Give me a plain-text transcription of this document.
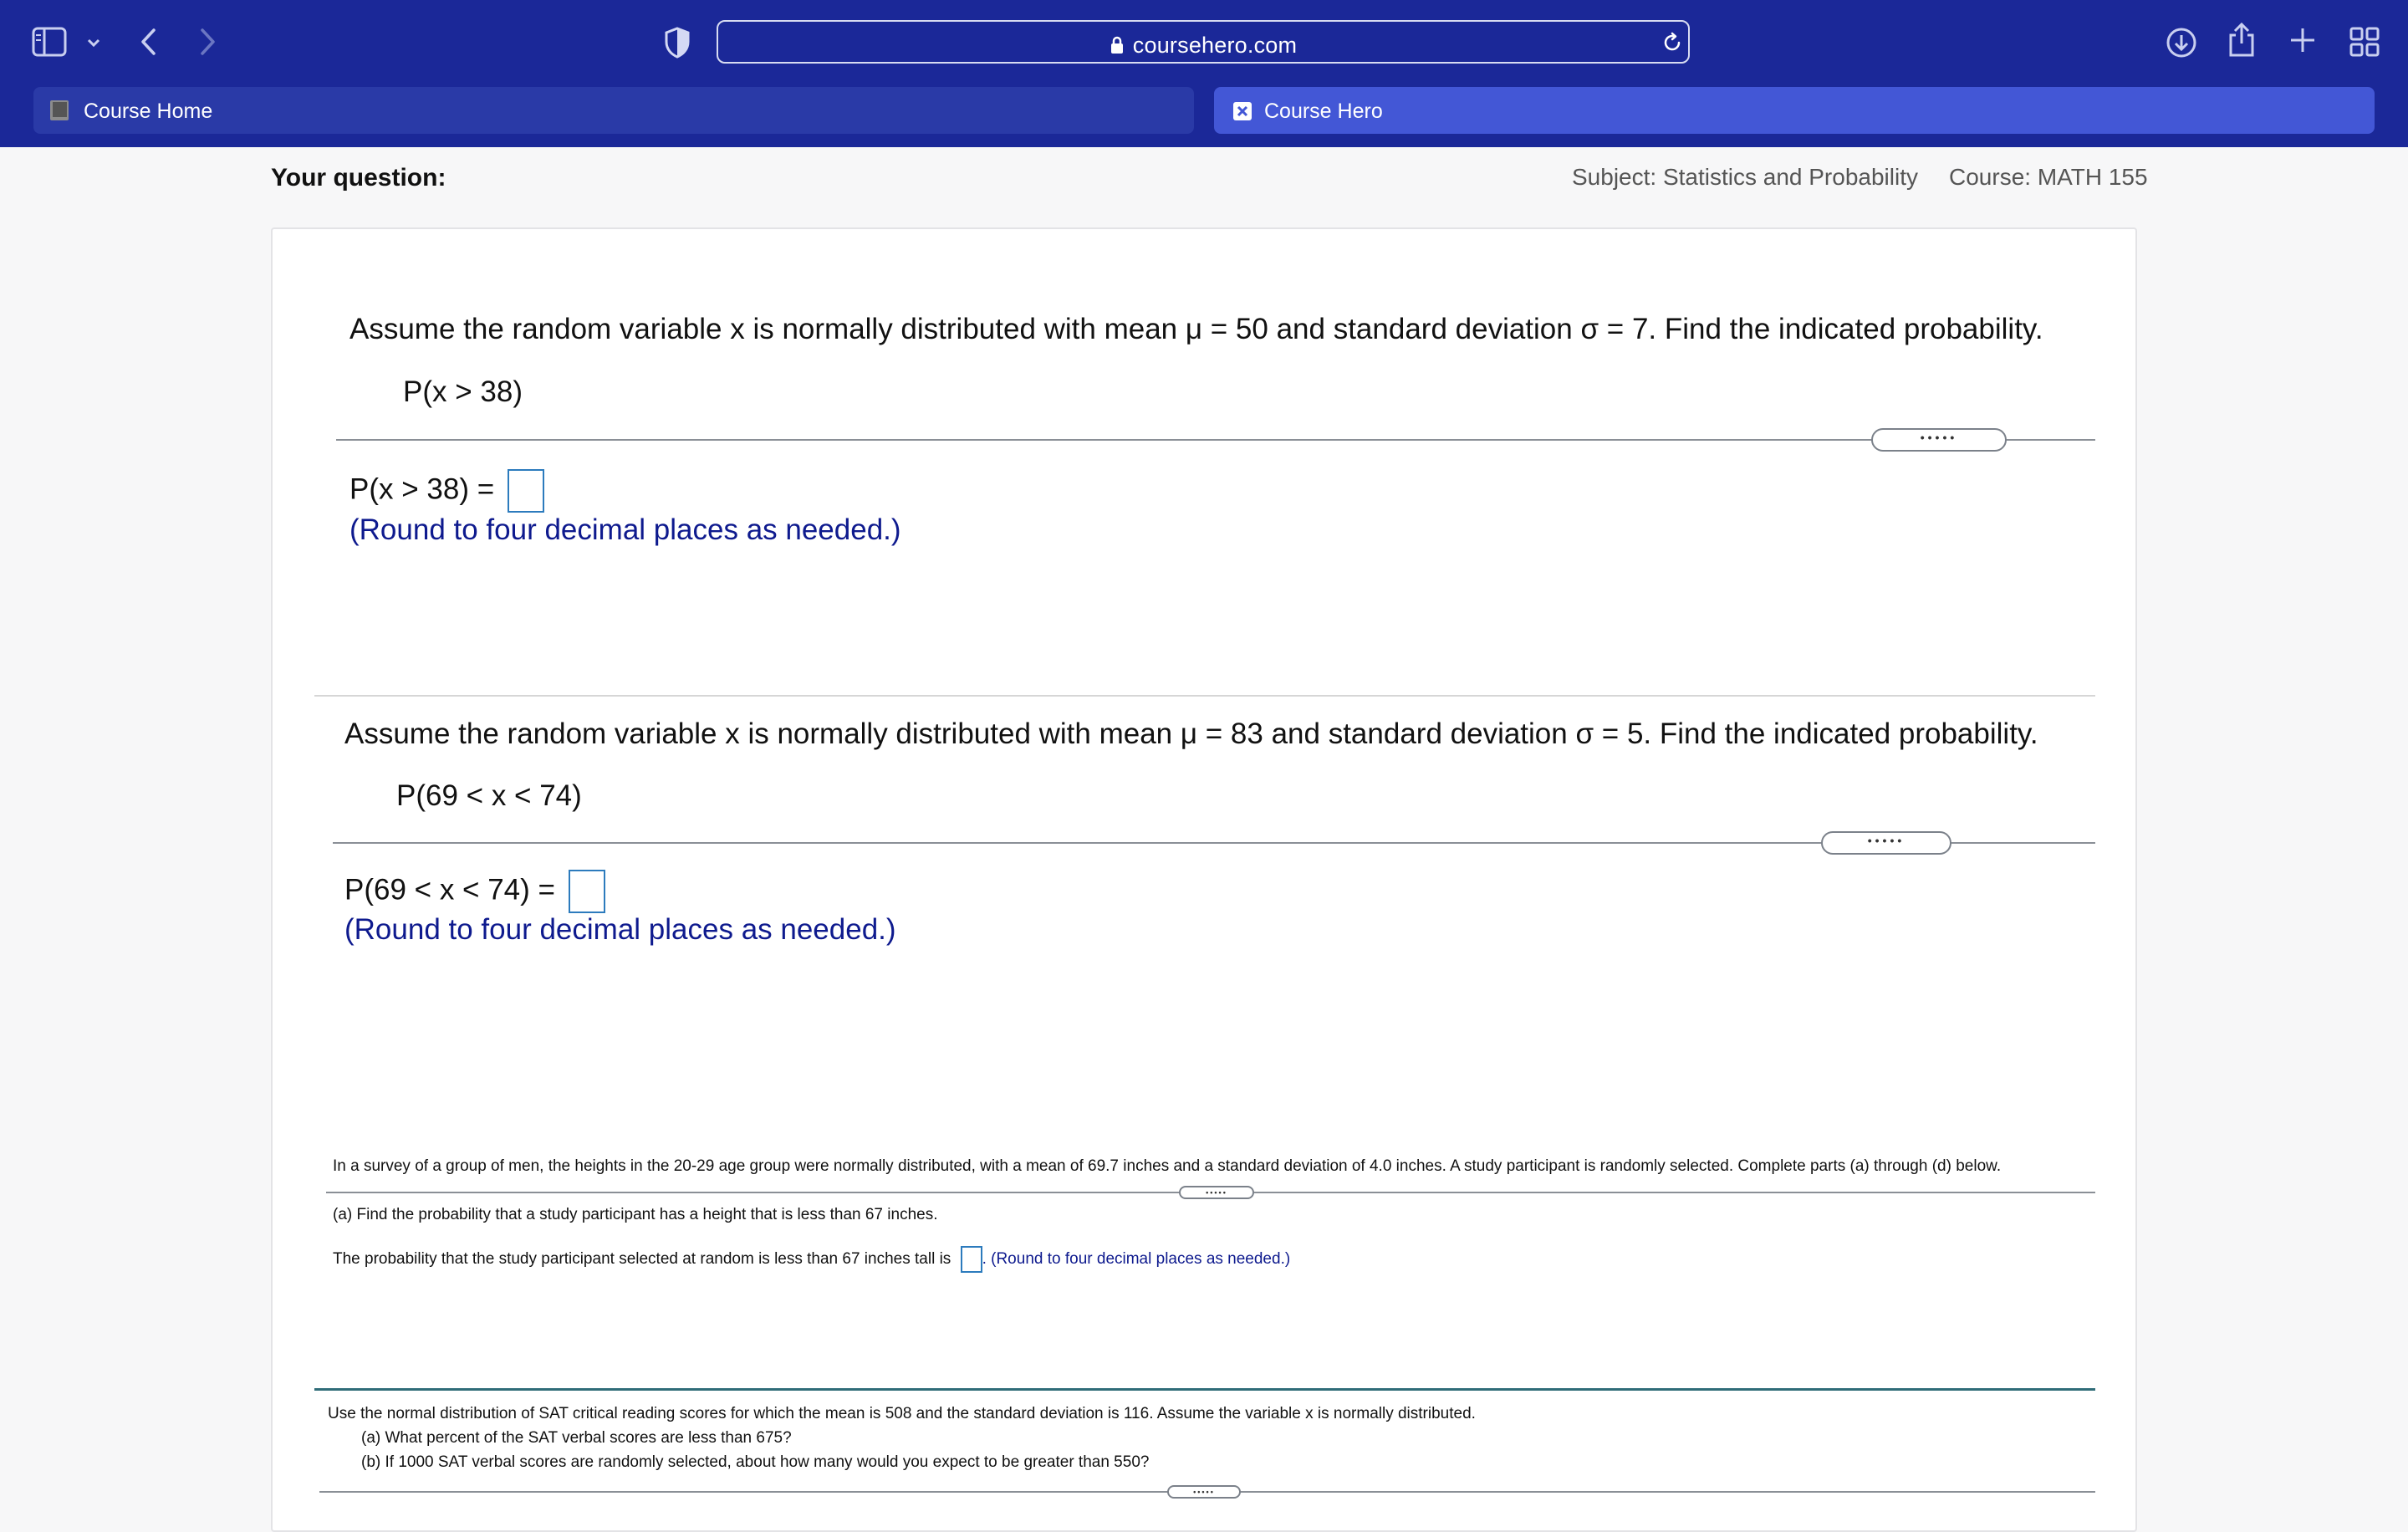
coursehero.com
Course Home	Course Hero
Your question:	Subject: Statistics and Probability Course: MATH 155
Assume the random variable x is normally distributed with mean μ = 50 and standard deviation σ = 7. Find the indicated probability.
P(x > 38)
•••••
P(x > 38) =
(Round to four decimal places as needed.)
Assume the random variable x is normally distributed with mean μ = 83 and standard deviation σ = 5. Find the indicated probability.
P(69 < x < 74)
•••••
P(69 < x < 74) =
(Round to four decimal places as needed.)
In a survey of a group of men, the heights in the 20-29 age group were normally distributed, with a mean of 69.7 inches and a standard deviation of 4.0 inches. A study participant is randomly selected. Complete parts (a) through (d) below.
•••••
(a) Find the probability that a study participant has a height that is less than 67 inches.
The probability that the study participant selected at random is less than 67 inches tall is . (Round to four decimal places as needed.)
Use the normal distribution of SAT critical reading scores for which the mean is 508 and the standard deviation is 116. Assume the variable x is normally distributed.
(a) What percent of the SAT verbal scores are less than 675?
(b) If 1000 SAT verbal scores are randomly selected, about how many would you expect to be greater than 550?
•••••
